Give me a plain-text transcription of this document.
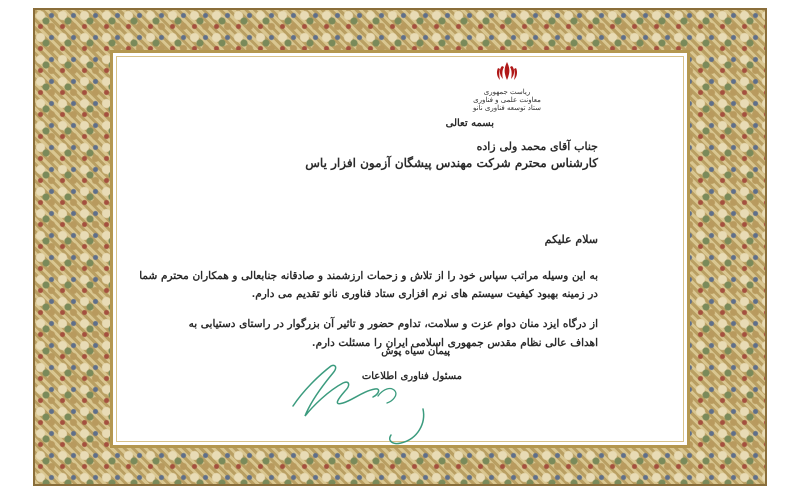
ریاست جمهوری
معاونت علمی و فناوری
ستاد توسعه فناوری نانو
بسمه تعالی
جناب آقای محمد ولی زاده
کارشناس محترم شرکت مهندس پیشگان آزمون افزار یاس
سلام علیکم
به این وسیله مراتب سپاس خود را از تلاش و زحمات ارزشمند و صادقانه جنابعالی و همکاران محترم شما
در زمینه بهبود کیفیت سیستم های نرم افزاری ستاد فناوری نانو تقدیم می دارم.
از درگاه ایزد منان دوام عزت و سلامت، تداوم حضور و تاثیر آن بزرگوار در راستای دستیابی به
اهداف عالی نظام مقدس جمهوری اسلامی ایران را مسئلت دارم.
پیمان سیاه پوش
مسئول فناوری اطلاعات
